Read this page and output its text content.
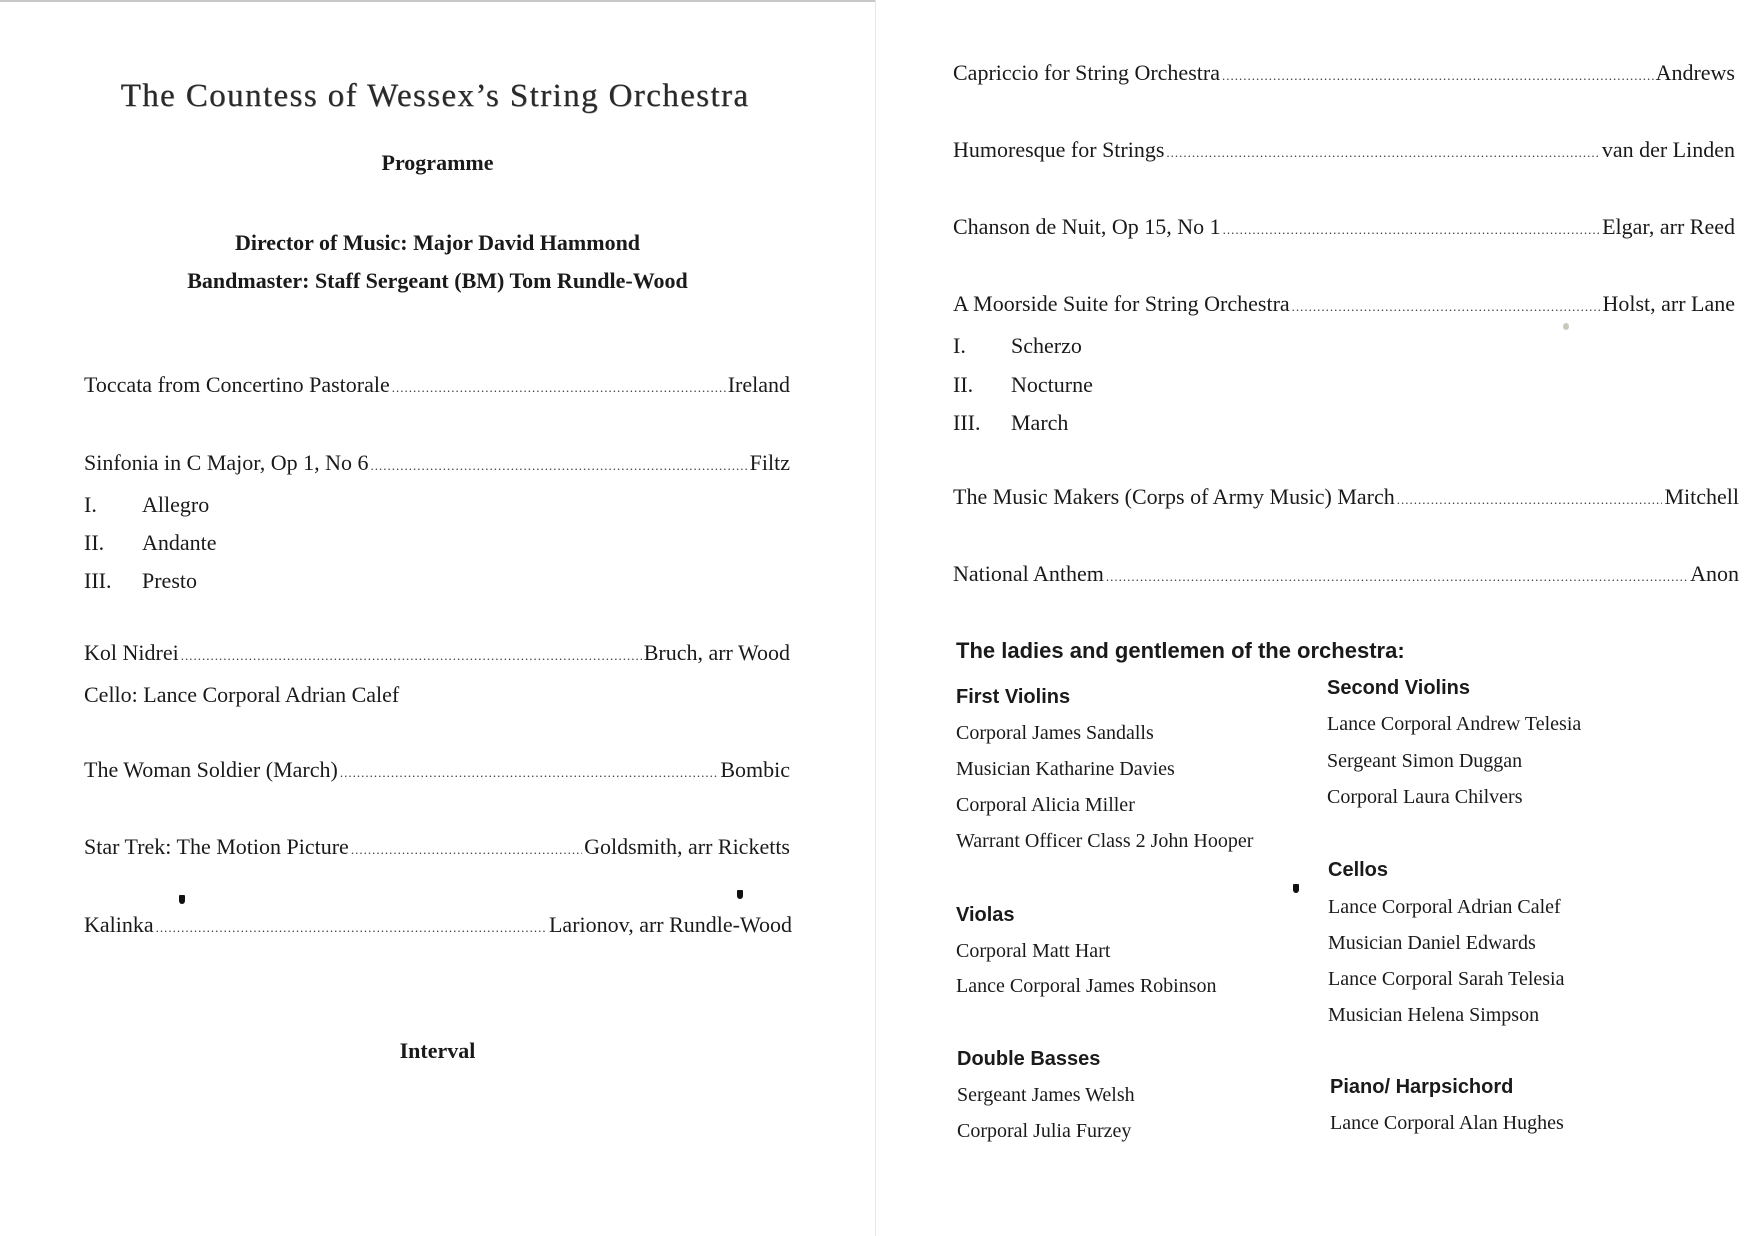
The Countess of Wessex’s String Orchestra
Programme
Director of Music: Major David Hammond
Bandmaster: Staff Sergeant (BM) Tom Rundle-Wood
Toccata from Concertino Pastorale .....	Ireland
Sinfonia in C Major, Op 1, No 6 .....	Filtz
I.	Allegro
II.	Andante
III.	Presto
Kol Nidrei .....	Bruch, arr Wood
Cello: Lance Corporal Adrian Calef
The Woman Soldier (March) .....	Bombic
Star Trek: The Motion Picture .....	Goldsmith, arr Ricketts
Kalinka .....	Larionov, arr Rundle-Wood
Interval
Capriccio for String Orchestra .....	Andrews
Humoresque for Strings .....	van der Linden
Chanson de Nuit, Op 15, No 1 .....	Elgar, arr Reed
A Moorside Suite for String Orchestra .....	Holst, arr Lane
I.	Scherzo
II.	Nocturne
III.	March
The Music Makers (Corps of Army Music) March .....	Mitchell
National Anthem .....	Anon
The ladies and gentlemen of the orchestra:
First Violins
Corporal James Sandalls
Musician Katharine Davies
Corporal Alicia Miller
Warrant Officer Class 2 John Hooper
Second Violins
Lance Corporal Andrew Telesia
Sergeant Simon Duggan
Corporal Laura Chilvers
Violas
Corporal Matt Hart
Lance Corporal James Robinson
Cellos
Lance Corporal Adrian Calef
Musician Daniel Edwards
Lance Corporal Sarah Telesia
Musician Helena Simpson
Double Basses
Sergeant James Welsh
Corporal Julia Furzey
Piano/ Harpsichord
Lance Corporal Alan Hughes
